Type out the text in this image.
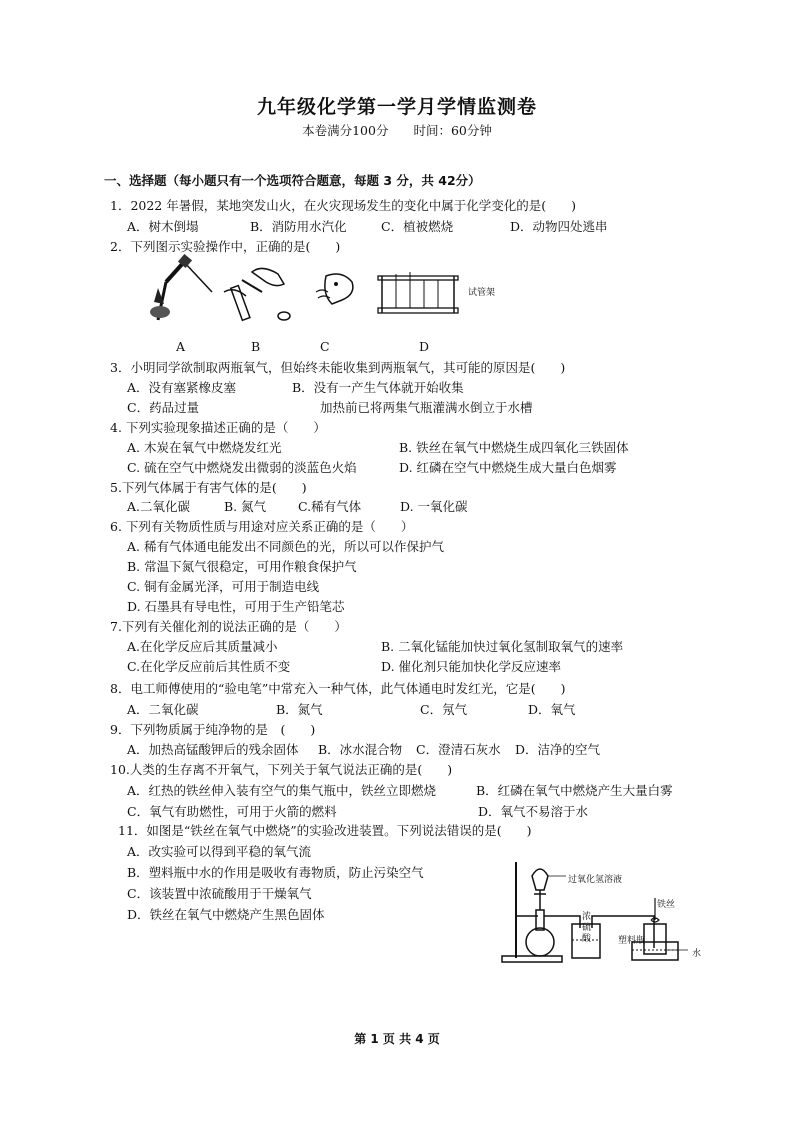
九年级化学第一学月学情监测卷
本卷满分100分　　时间：60分钟
一、选择题（每小题只有一个选项符合题意，每题 3 分，共 42分）
1．2022 年暑假，某地突发山火，在火灾现场发生的变化中属于化学变化的是(　　)
A．树木倒塌	B．消防用水汽化	C．植被燃烧	D．动物四处逃串
2．下列图示实验操作中，正确的是(　　)
试管架
A	B	C	D
3．小明同学欲制取两瓶氧气，但始终未能收集到两瓶氧气，其可能的原因是(　　)
A．没有塞紧橡皮塞	B．没有一产生气体就开始收集
C．药品过量	加热前已将两集气瓶灌满水倒立于水槽
4. 下列实验现象描述正确的是（　　）
A. 木炭在氧气中燃烧发红光	B. 铁丝在氧气中燃烧生成四氧化三铁固体
C. 硫在空气中燃烧发出微弱的淡蓝色火焰	D. 红磷在空气中燃烧生成大量白色烟雾
5.下列气体属于有害气体的是(　　)
A.二氧化碳	B. 氮气	C.稀有气体	D. 一氧化碳
6. 下列有关物质性质与用途对应关系正确的是（　　）
A. 稀有气体通电能发出不同颜色的光，所以可以作保护气
B. 常温下氮气很稳定，可用作粮食保护气
C. 铜有金属光泽，可用于制造电线
D. 石墨具有导电性，可用于生产铅笔芯
7.下列有关催化剂的说法正确的是（　　）
A.在化学反应后其质量减小	B. 二氧化锰能加快过氧化氢制取氧气的速率
C.在化学反应前后其性质不变	D. 催化剂只能加快化学反应速率
8．电工师傅使用的“验电笔”中常充入一种气体，此气体通电时发红光，它是(　　)
A．二氧化碳	B．氮气	C．氖气	D．氧气
9．下列物质属于纯净物的是　(　　)
A．加热高锰酸钾后的残余固体 B．冰水混合物 C．澄清石灰水 D．洁净的空气
10.人类的生存离不开氧气，下列关于氧气说法正确的是(　　)
A．红热的铁丝伸入装有空气的集气瓶中，铁丝立即燃烧	B．红磷在氧气中燃烧产生大量白雾
C．氧气有助燃性，可用于火箭的燃料	D．氧气不易溶于水
11．如图是“铁丝在氧气中燃烧”的实验改进装置。下列说法错误的是(　　)
A．改实验可以得到平稳的氧气流
B．塑料瓶中水的作用是吸收有毒物质，防止污染空气
C．该装置中浓硫酸用于干燥氧气
D．铁丝在氧气中燃烧产生黑色固体
过氧化氢溶液
浓硫酸
铁丝
塑料瓶
水
第 1 页 共 4 页
